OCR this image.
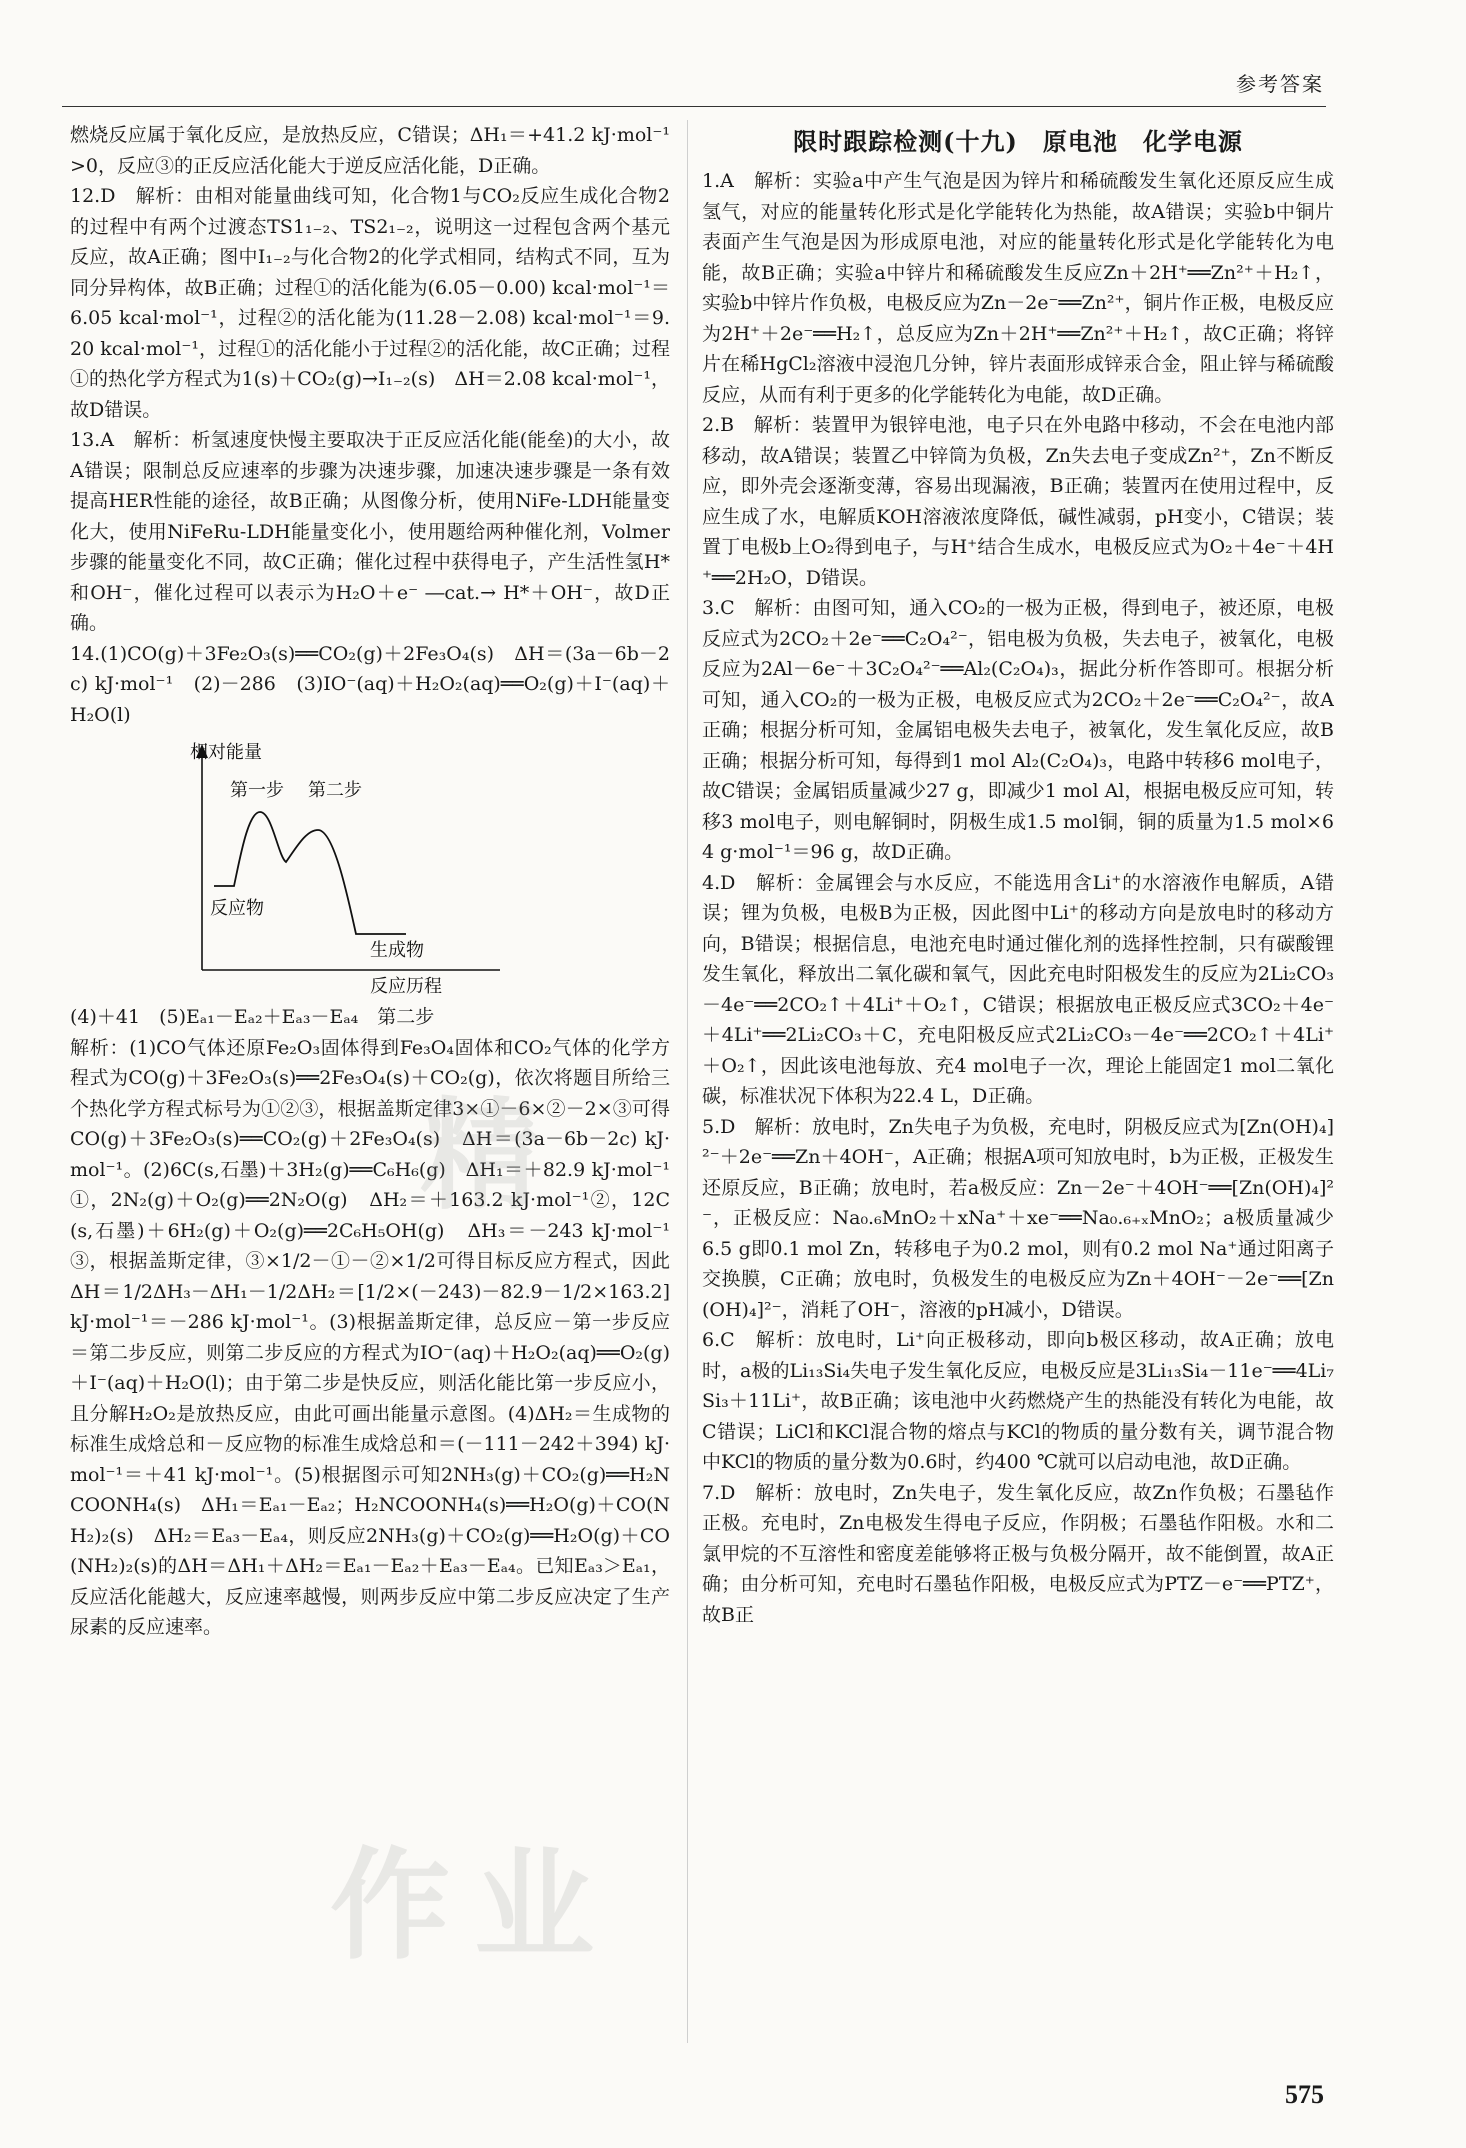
参考答案

燃烧反应属于氧化反应，是放热反应，C错误；ΔH₁＝+41.2 kJ·mol⁻¹>0，反应③的正反应活化能大于逆反应活化能，D正确。

12.D　解析：由相对能量曲线可知，化合物1与CO₂反应生成化合物2的过程中有两个过渡态TS1₁₋₂、TS2₁₋₂，说明这一过程包含两个基元反应，故A正确；图中I₁₋₂与化合物2的化学式相同，结构式不同，互为同分异构体，故B正确；过程①的活化能为(6.05－0.00) kcal·mol⁻¹＝6.05 kcal·mol⁻¹，过程②的活化能为(11.28－2.08) kcal·mol⁻¹＝9.20 kcal·mol⁻¹，过程①的活化能小于过程②的活化能，故C正确；过程①的热化学方程式为1(s)＋CO₂(g)→I₁₋₂(s)　ΔH＝2.08 kcal·mol⁻¹，故D错误。

13.A　解析：析氢速度快慢主要取决于正反应活化能(能垒)的大小，故A错误；限制总反应速率的步骤为决速步骤，加速决速步骤是一条有效提高HER性能的途径，故B正确；从图像分析，使用NiFe-LDH能量变化大，使用NiFeRu-LDH能量变化小，使用题给两种催化剂，Volmer步骤的能量变化不同，故C正确；催化过程中获得电子，产生活性氢H*和OH⁻，催化过程可以表示为H₂O＋e⁻ ―cat.→ H*＋OH⁻，故D正确。

14.(1)CO(g)＋3Fe₂O₃(s)══CO₂(g)＋2Fe₃O₄(s)　ΔH＝(3a－6b－2c) kJ·mol⁻¹　(2)－286　(3)IO⁻(aq)＋H₂O₂(aq)══O₂(g)＋I⁻(aq)＋H₂O(l)

相对能量
第一步 第二步
反应物
生成物
反应历程

(4)＋41　(5)Eₐ₁－Eₐ₂＋Eₐ₃－Eₐ₄　第二步

解析：(1)CO气体还原Fe₂O₃固体得到Fe₃O₄固体和CO₂气体的化学方程式为CO(g)＋3Fe₂O₃(s)══2Fe₃O₄(s)＋CO₂(g)，依次将题目所给三个热化学方程式标号为①②③，根据盖斯定律3×①－6×②－2×③可得CO(g)＋3Fe₂O₃(s)══CO₂(g)＋2Fe₃O₄(s)　ΔH＝(3a－6b－2c) kJ·mol⁻¹。(2)6C(s,石墨)＋3H₂(g)══C₆H₆(g)　ΔH₁＝＋82.9 kJ·mol⁻¹①，2N₂(g)＋O₂(g)══2N₂O(g)　ΔH₂＝＋163.2 kJ·mol⁻¹②，12C(s,石墨)＋6H₂(g)＋O₂(g)══2C₆H₅OH(g)　ΔH₃＝－243 kJ·mol⁻¹③，根据盖斯定律，③×1/2－①－②×1/2可得目标反应方程式，因此ΔH＝1/2ΔH₃－ΔH₁－1/2ΔH₂＝[1/2×(－243)－82.9－1/2×163.2] kJ·mol⁻¹＝－286 kJ·mol⁻¹。(3)根据盖斯定律，总反应－第一步反应＝第二步反应，则第二步反应的方程式为IO⁻(aq)＋H₂O₂(aq)══O₂(g)＋I⁻(aq)＋H₂O(l)；由于第二步是快反应，则活化能比第一步反应小，且分解H₂O₂是放热反应，由此可画出能量示意图。(4)ΔH₂＝生成物的标准生成焓总和－反应物的标准生成焓总和＝(－111－242＋394) kJ·mol⁻¹＝＋41 kJ·mol⁻¹。(5)根据图示可知2NH₃(g)＋CO₂(g)══H₂NCOONH₄(s)　ΔH₁＝Eₐ₁－Eₐ₂；H₂NCOONH₄(s)══H₂O(g)＋CO(NH₂)₂(s)　ΔH₂＝Eₐ₃－Eₐ₄，则反应2NH₃(g)＋CO₂(g)══H₂O(g)＋CO(NH₂)₂(s)的ΔH＝ΔH₁＋ΔH₂＝Eₐ₁－Eₐ₂＋Eₐ₃－Eₐ₄。已知Eₐ₃＞Eₐ₁，反应活化能越大，反应速率越慢，则两步反应中第二步反应决定了生产尿素的反应速率。

限时跟踪检测(十九)　原电池　化学电源

1.A　解析：实验a中产生气泡是因为锌片和稀硫酸发生氧化还原反应生成氢气，对应的能量转化形式是化学能转化为热能，故A错误；实验b中铜片表面产生气泡是因为形成原电池，对应的能量转化形式是化学能转化为电能，故B正确；实验a中锌片和稀硫酸发生反应Zn＋2H⁺══Zn²⁺＋H₂↑，实验b中锌片作负极，电极反应为Zn－2e⁻══Zn²⁺，铜片作正极，电极反应为2H⁺＋2e⁻══H₂↑，总反应为Zn＋2H⁺══Zn²⁺＋H₂↑，故C正确；将锌片在稀HgCl₂溶液中浸泡几分钟，锌片表面形成锌汞合金，阻止锌与稀硫酸反应，从而有利于更多的化学能转化为电能，故D正确。

2.B　解析：装置甲为银锌电池，电子只在外电路中移动，不会在电池内部移动，故A错误；装置乙中锌筒为负极，Zn失去电子变成Zn²⁺，Zn不断反应，即外壳会逐渐变薄，容易出现漏液，B正确；装置丙在使用过程中，反应生成了水，电解质KOH溶液浓度降低，碱性减弱，pH变小，C错误；装置丁电极b上O₂得到电子，与H⁺结合生成水，电极反应式为O₂＋4e⁻＋4H⁺══2H₂O，D错误。

3.C　解析：由图可知，通入CO₂的一极为正极，得到电子，被还原，电极反应式为2CO₂＋2e⁻══C₂O₄²⁻，铝电极为负极，失去电子，被氧化，电极反应为2Al－6e⁻＋3C₂O₄²⁻══Al₂(C₂O₄)₃，据此分析作答即可。根据分析可知，通入CO₂的一极为正极，电极反应式为2CO₂＋2e⁻══C₂O₄²⁻，故A正确；根据分析可知，金属铝电极失去电子，被氧化，发生氧化反应，故B正确；根据分析可知，每得到1 mol Al₂(C₂O₄)₃，电路中转移6 mol电子，故C错误；金属铝质量减少27 g，即减少1 mol Al，根据电极反应可知，转移3 mol电子，则电解铜时，阴极生成1.5 mol铜，铜的质量为1.5 mol×64 g·mol⁻¹＝96 g，故D正确。

4.D　解析：金属锂会与水反应，不能选用含Li⁺的水溶液作电解质，A错误；锂为负极，电极B为正极，因此图中Li⁺的移动方向是放电时的移动方向，B错误；根据信息，电池充电时通过催化剂的选择性控制，只有碳酸锂发生氧化，释放出二氧化碳和氧气，因此充电时阳极发生的反应为2Li₂CO₃－4e⁻══2CO₂↑＋4Li⁺＋O₂↑，C错误；根据放电正极反应式3CO₂＋4e⁻＋4Li⁺══2Li₂CO₃＋C，充电阳极反应式2Li₂CO₃－4e⁻══2CO₂↑＋4Li⁺＋O₂↑，因此该电池每放、充4 mol电子一次，理论上能固定1 mol二氧化碳，标准状况下体积为22.4 L，D正确。

5.D　解析：放电时，Zn失电子为负极，充电时，阴极反应式为[Zn(OH)₄]²⁻＋2e⁻══Zn＋4OH⁻，A正确；根据A项可知放电时，b为正极，正极发生还原反应，B正确；放电时，若a极反应：Zn－2e⁻＋4OH⁻══[Zn(OH)₄]²⁻，正极反应：Na₀.₆MnO₂＋xNa⁺＋xe⁻══Na₀.₆₊ₓMnO₂；a极质量减少6.5 g即0.1 mol Zn，转移电子为0.2 mol，则有0.2 mol Na⁺通过阳离子交换膜，C正确；放电时，负极发生的电极反应为Zn＋4OH⁻－2e⁻══[Zn(OH)₄]²⁻，消耗了OH⁻，溶液的pH减小，D错误。

6.C　解析：放电时，Li⁺向正极移动，即向b极区移动，故A正确；放电时，a极的Li₁₃Si₄失电子发生氧化反应，电极反应是3Li₁₃Si₄－11e⁻══4Li₇Si₃＋11Li⁺，故B正确；该电池中火药燃烧产生的热能没有转化为电能，故C错误；LiCl和KCl混合物的熔点与KCl的物质的量分数有关，调节混合物中KCl的物质的量分数为0.6时，约400 ℃就可以启动电池，故D正确。

7.D　解析：放电时，Zn失电子，发生氧化反应，故Zn作负极；石墨毡作正极。充电时，Zn电极发生得电子反应，作阴极；石墨毡作阳极。水和二氯甲烷的不互溶性和密度差能够将正极与负极分隔开，故不能倒置，故A正确；由分析可知，充电时石墨毡作阳极，电极反应式为PTZ－e⁻══PTZ⁺，故B正

精
作业
575
